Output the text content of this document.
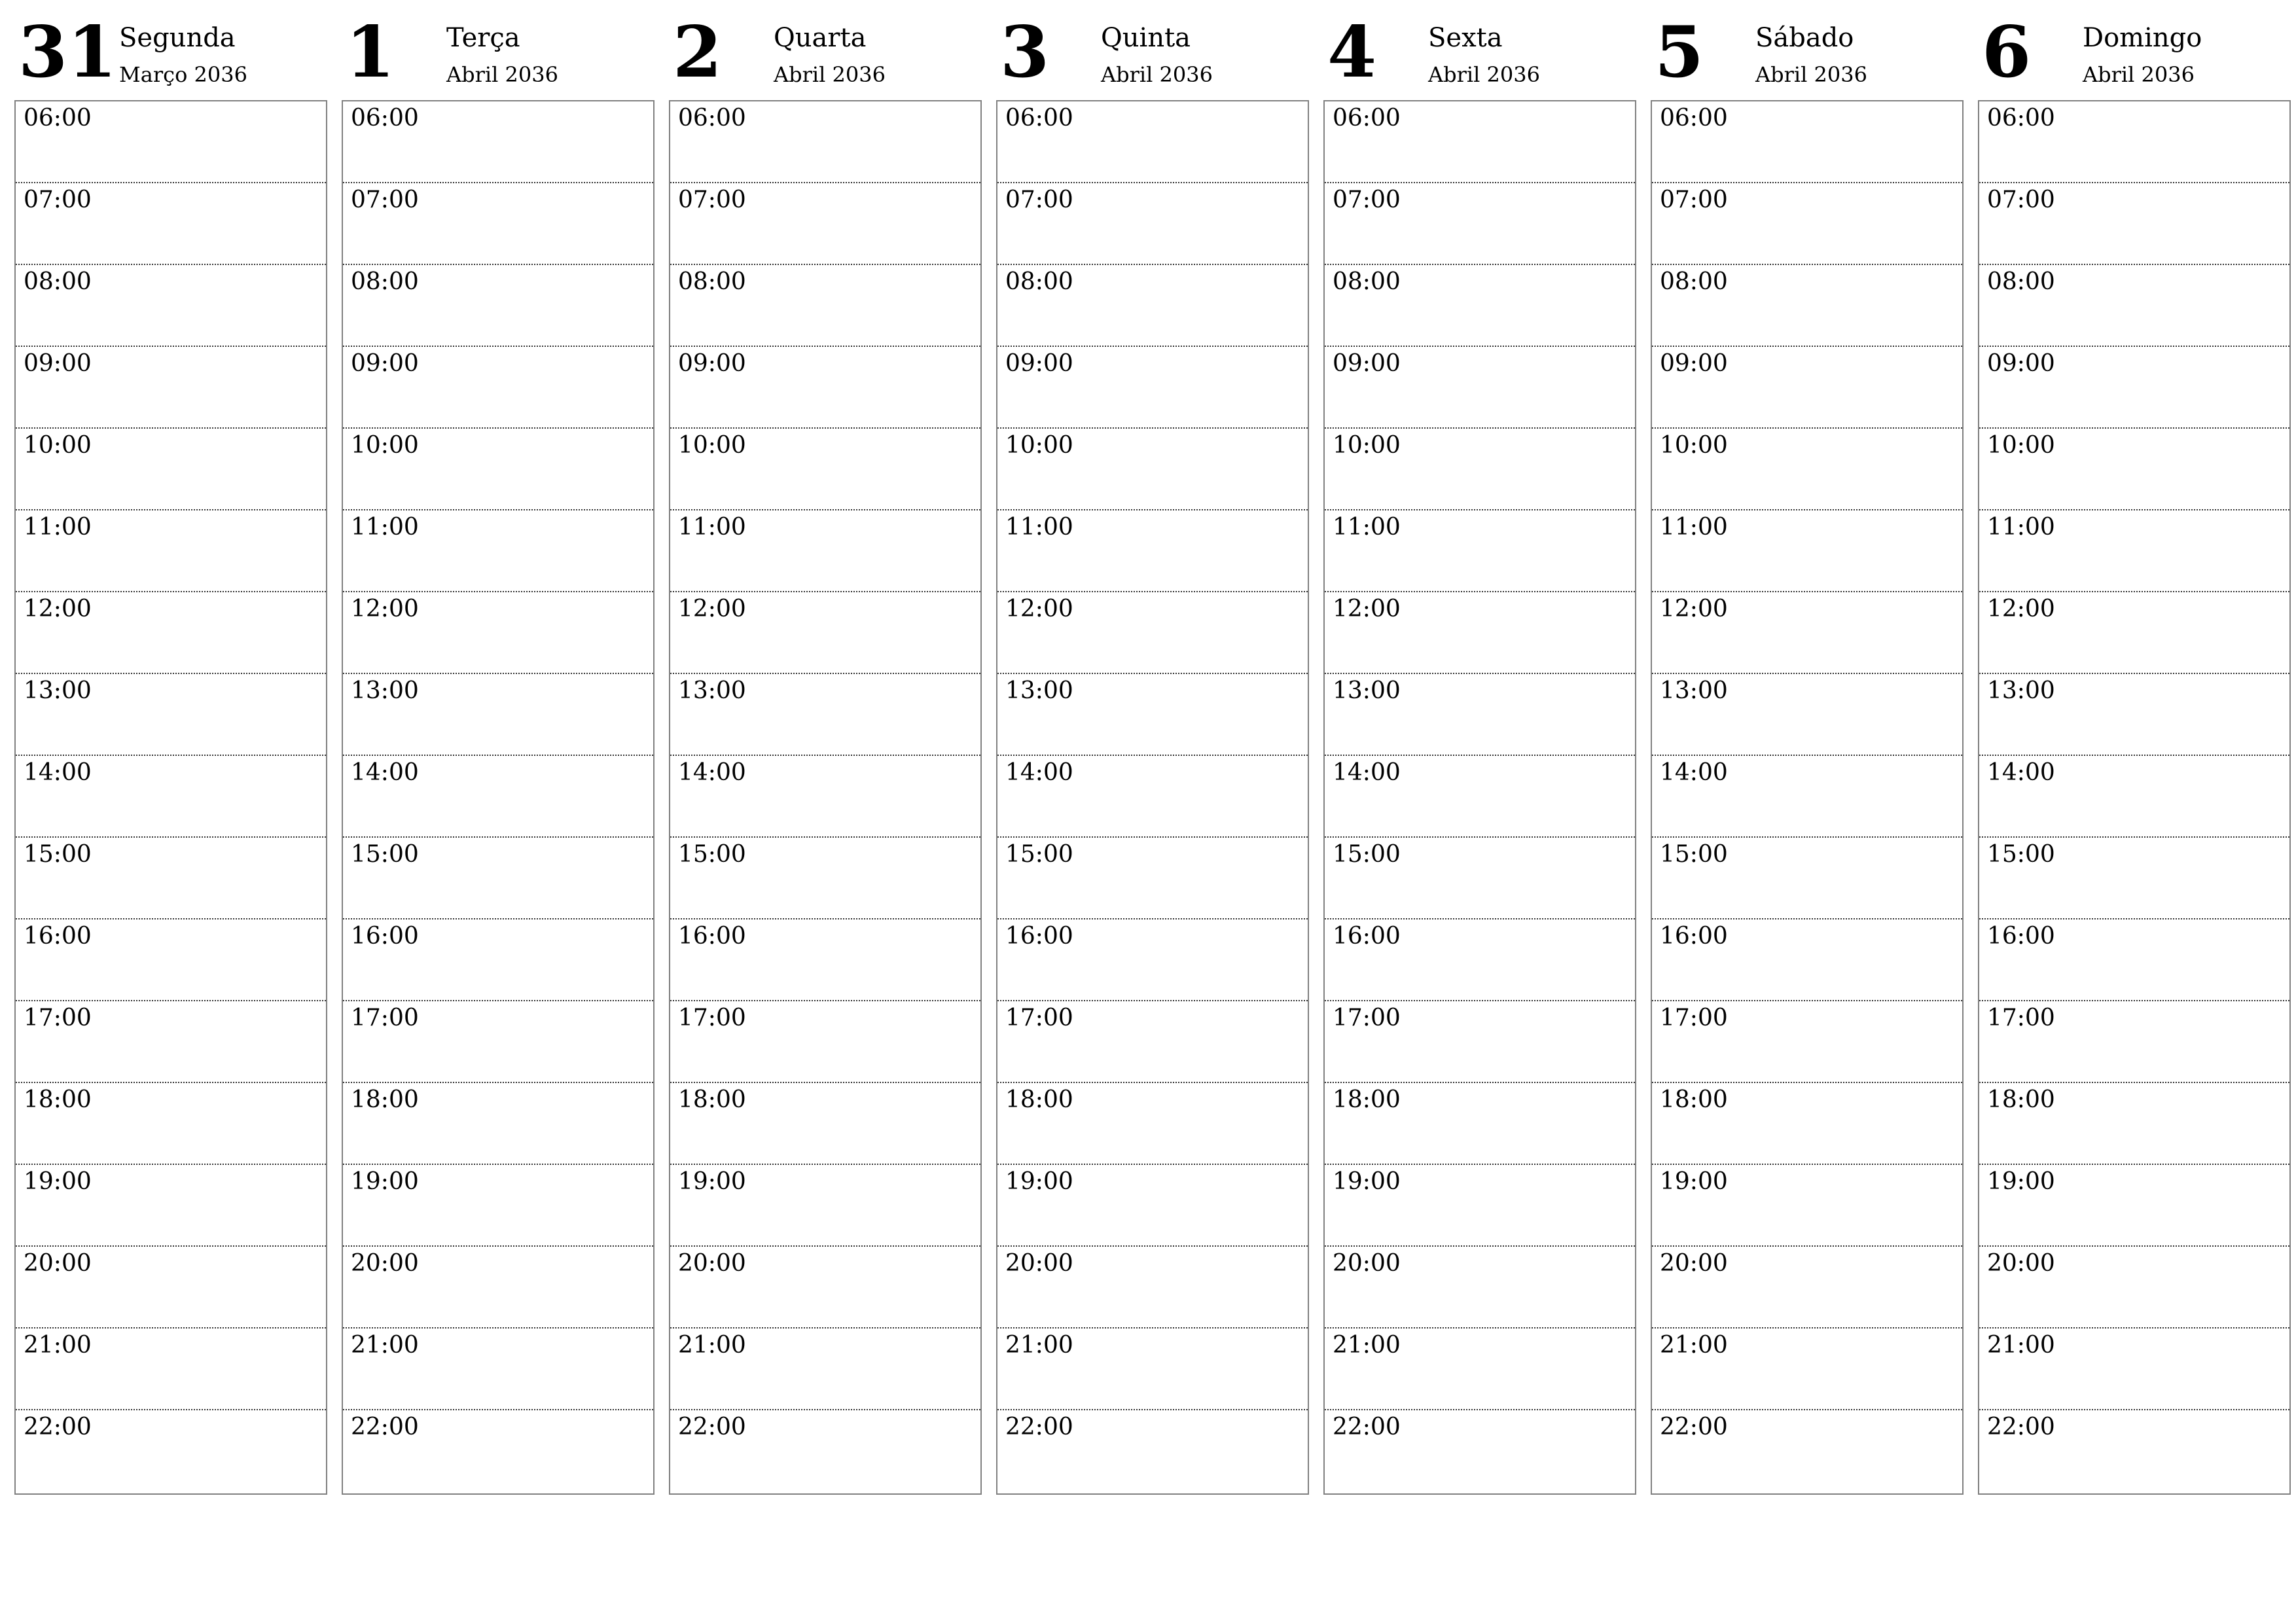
31 Segunda
Março 2036
06:00
07:00
08:00
09:00
10:00
11:00
12:00
13:00
14:00
15:00
16:00
17:00
18:00
19:00
20:00
21:00
22:00
1 Terça
Abril 2036
06:00
07:00
08:00
09:00
10:00
11:00
12:00
13:00
14:00
15:00
16:00
17:00
18:00
19:00
20:00
21:00
22:00
2 Quarta
Abril 2036
06:00
07:00
08:00
09:00
10:00
11:00
12:00
13:00
14:00
15:00
16:00
17:00
18:00
19:00
20:00
21:00
22:00
3 Quinta
Abril 2036
06:00
07:00
08:00
09:00
10:00
11:00
12:00
13:00
14:00
15:00
16:00
17:00
18:00
19:00
20:00
21:00
22:00
4 Sexta
Abril 2036
06:00
07:00
08:00
09:00
10:00
11:00
12:00
13:00
14:00
15:00
16:00
17:00
18:00
19:00
20:00
21:00
22:00
5 Sábado
Abril 2036
06:00
07:00
08:00
09:00
10:00
11:00
12:00
13:00
14:00
15:00
16:00
17:00
18:00
19:00
20:00
21:00
22:00
6 Domingo
Abril 2036
06:00
07:00
08:00
09:00
10:00
11:00
12:00
13:00
14:00
15:00
16:00
17:00
18:00
19:00
20:00
21:00
22:00
